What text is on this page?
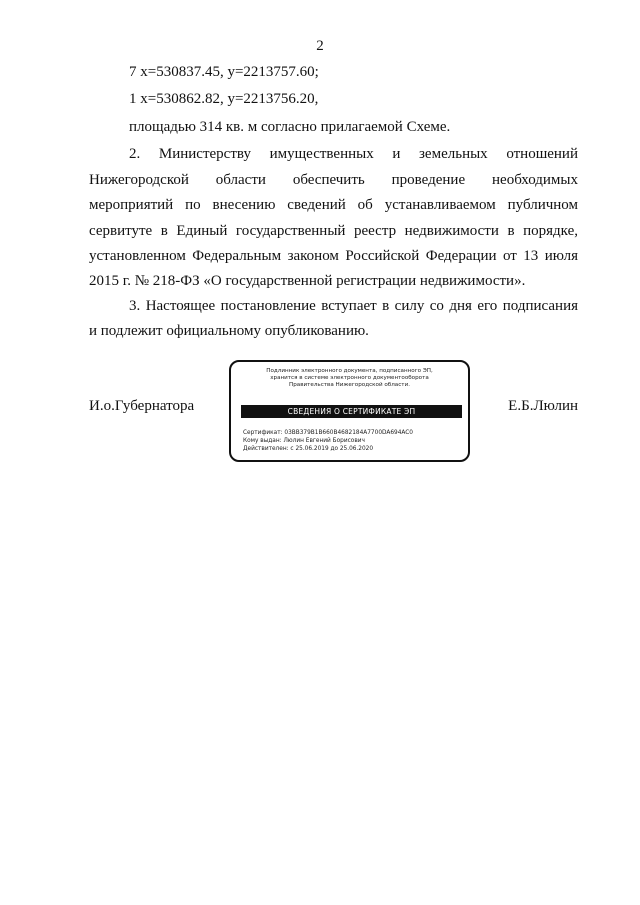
2
7 x=530837.45, y=2213757.60;
1 x=530862.82, y=2213756.20,
площадью 314 кв. м согласно прилагаемой Схеме.
2. Министерству имущественных и земельных отношений
Нижегородской области обеспечить проведение необходимых
мероприятий по внесению сведений об устанавливаемом публичном
сервитуте в Единый государственный реестр недвижимости в порядке,
установленном Федеральным законом Российской Федерации от 13 июля
2015 г. № 218-ФЗ «О государственной регистрации недвижимости».
3. Настоящее постановление вступает в силу со дня его подписания
и подлежит официальному опубликованию.
И.о.Губернатора
Подлинник электронного документа, подписанного ЭП,
хранится в системе электронного документооборота
Правительства Нижегородской области.
СВЕДЕНИЯ О СЕРТИФИКАТЕ ЭП
Сертификат: 03BB379B1B660B4682184A7700DA694AC0
Кому выдан: Люлин Евгений Борисович
Действителен: с 25.06.2019 до 25.06.2020
Е.Б.Люлин
